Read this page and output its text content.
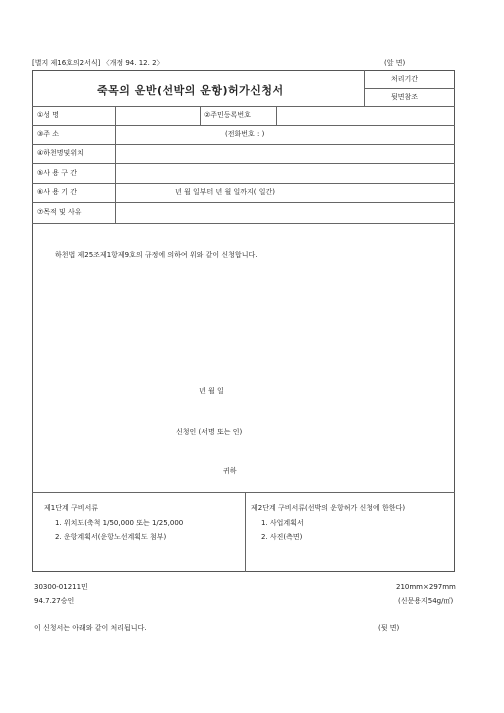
[별지 제16호의2서식] 〈개정 94. 12. 2〉	(앞 면)
죽목의 운반(선박의 운항)허가신청서
처리기간
뒷면참조
①성 명	②주민등록번호
③주 소	(전화번호 : )
④하천명및위치
⑤사 용 구 간
⑥사 용 기 간	년 월 일부터 년 월 일까지( 일간)
⑦목적 및 사유
하천법 제25조제1항제9호의 규정에 의하여 위와 같이 신청합니다.
년 월 일
신청인 (서명 또는 인)
귀하
제1단계 구비서류
1. 위치도(축척 1/50,000 또는 1/25,000
2. 운항계획서(운항노선계획도 첨부)
제2단계 구비서류(선박의 운항허가 신청에 한한다)
1. 사업계획서
2. 사진(측면)
30300-01211민	210mm×297mm
94.7.27승인	(신문용지54g/㎡)
이 신청서는 아래와 같이 처리됩니다.	(뒷 면)
